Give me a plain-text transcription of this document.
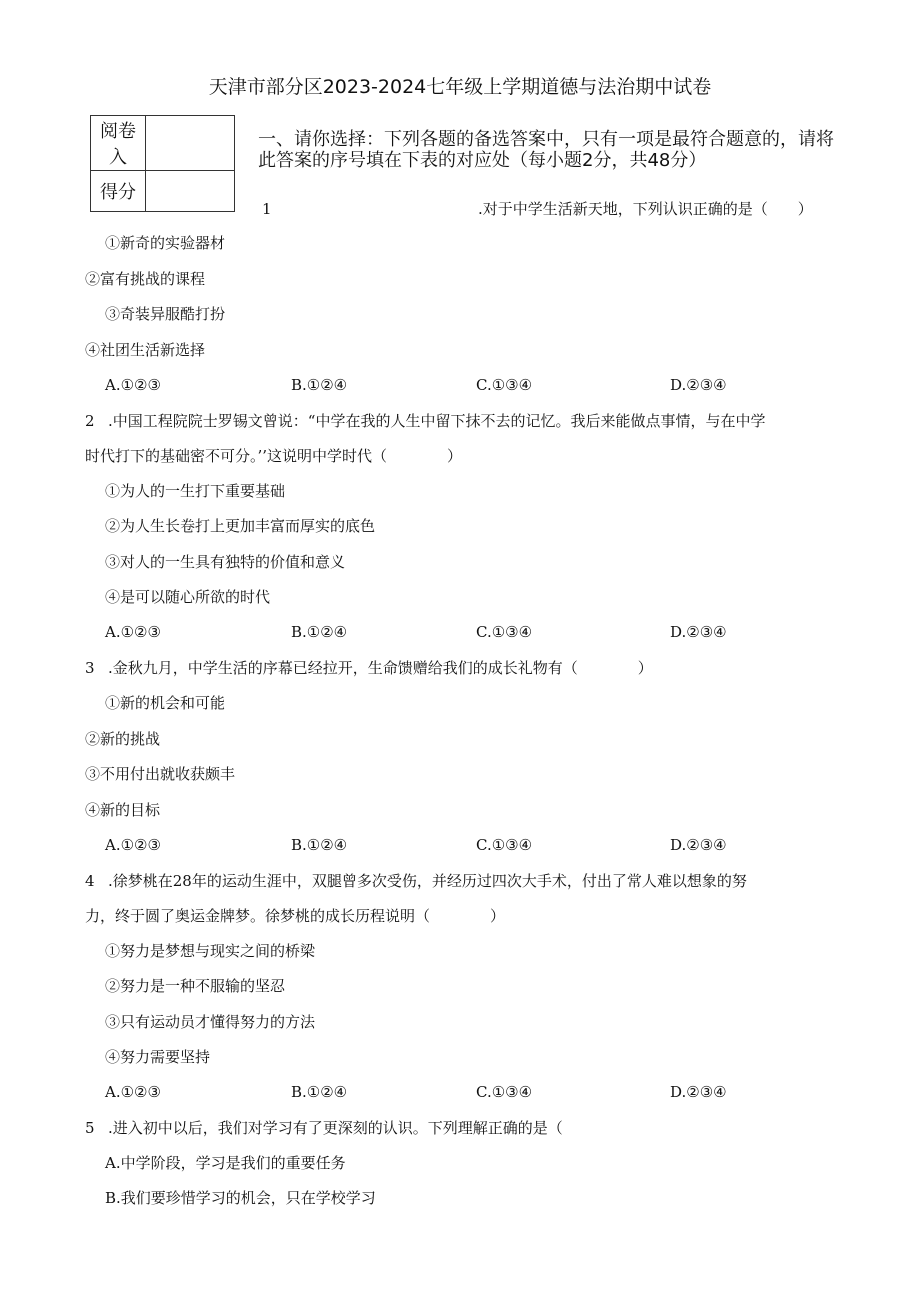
天津市部分区2023-2024七年级上学期道德与法治期中试卷
阅卷入	
得分	
一、请你选择：下列各题的备选答案中，只有一项是最符合题意的，请将
此答案的序号填在下表的对应处（每小题2分，共48分）
1	.对于中学生活新天地，下列认识正确的是（　　）
①新奇的实验器材
②富有挑战的课程
③奇装异服酷打扮
④社团生活新选择
A.①②③	B.①②④	C.①③④	D.②③④
2 .中国工程院院士罗锡文曾说：“中学在我的人生中留下抹不去的记忆。我后来能做点事情，与在中学
时代打下的基础密不可分。’’这说明中学时代（　　　　）
①为人的一生打下重要基础
②为人生长卷打上更加丰富而厚实的底色
③对人的一生具有独特的价值和意义
④是可以随心所欲的时代
A.①②③	B.①②④	C.①③④	D.②③④
3 .金秋九月，中学生活的序幕已经拉开，生命馈赠给我们的成长礼物有（　　　　）
①新的机会和可能
②新的挑战
③不用付出就收获颇丰
④新的目标
A.①②③	B.①②④	C.①③④	D.②③④
4 .徐梦桃在28年的运动生涯中，双腿曾多次受伤，并经历过四次大手术，付出了常人难以想象的努
力，终于圆了奥运金牌梦。徐梦桃的成长历程说明（　　　　）
①努力是梦想与现实之间的桥梁
②努力是一种不服输的坚忍
③只有运动员才懂得努力的方法
④努力需要坚持
A.①②③	B.①②④	C.①③④	D.②③④
5 .进入初中以后，我们对学习有了更深刻的认识。下列理解正确的是（
A.中学阶段，学习是我们的重要任务
B.我们要珍惜学习的机会，只在学校学习
